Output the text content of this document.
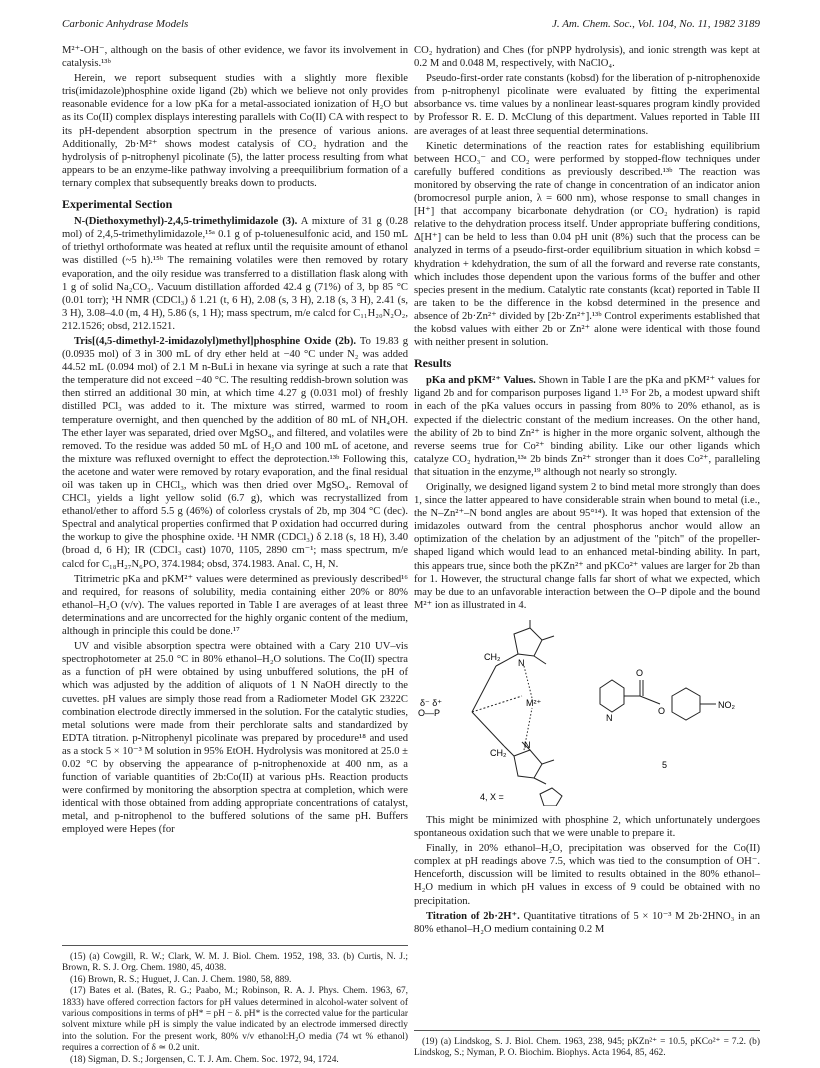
Carbonic Anhydrase Models	J. Am. Chem. Soc., Vol. 104, No. 11, 1982 3189

M²⁺-OH⁻, although on the basis of other evidence, we favor its involvement in catalysis.¹³ᵇ

Herein, we report subsequent studies with a slightly more flexible tris(imidazole)phosphine oxide ligand (2b) which we believe not only provides reasonable evidence for a low pKa for a metal-associated ionization of H₂O but as its Co(II) complex displays interesting parallels with Co(II) CA with respect to its pH-dependent absorption spectrum in the presence of various anions. Additionally, 2b·M²⁺ shows modest catalysis of CO₂ hydration and the hydrolysis of p-nitrophenyl picolinate (5), the latter process resulting from what appears to be an enzyme-like pathway involving a preequilibrium formation of a ternary complex that subsequently breaks down to products.

Experimental Section

N-(Diethoxymethyl)-2,4,5-trimethylimidazole (3). A mixture of 31 g (0.28 mol) of 2,4,5-trimethylimidazole,¹⁵ᵃ 0.1 g of p-toluenesulfonic acid, and 150 mL of triethyl orthoformate was heated at reflux until the requisite amount of ethanol was distilled (~5 h).¹⁵ᵇ The remaining volatiles were then removed by rotary evaporation, and the oily residue was transferred to a distillation flask along with 1 g of solid Na₂CO₃. Vacuum distillation afforded 42.4 g (71%) of 3, bp 85 °C (0.01 torr); ¹H NMR (CDCl₃) δ 1.21 (t, 6 H), 2.08 (s, 3 H), 2.18 (s, 3 H), 2.41 (s, 3 H), 3.08–4.0 (m, 4 H), 5.86 (s, 1 H); mass spectrum, m/e calcd for C₁₁H₂₀N₂O₂, 212.1526; obsd, 212.1521.

Tris[(4,5-dimethyl-2-imidazolyl)methyl]phosphine Oxide (2b). To 19.83 g (0.0935 mol) of 3 in 300 mL of dry ether held at −40 °C under N₂ was added 44.52 mL (0.094 mol) of 2.1 M n-BuLi in hexane via syringe at such a rate that the temperature did not exceed −40 °C. The resulting reddish-brown solution was then stirred an additional 30 min, at which time 4.27 g (0.031 mol) of freshly distilled PCl₃ was added to it. The mixture was stirred, warmed to room temperature overnight, and then quenched by the addition of 80 mL of NH₄OH. The ether layer was separated, dried over MgSO₄, and filtered, and volatiles were removed. To the residue was added 50 mL of H₂O and 100 mL of acetone, and the mixture was refluxed overnight to effect the deprotection.¹³ᵇ Following this, the acetone and water were removed by rotary evaporation, and the final residual oil was taken up in CHCl₃, which was then dried over MgSO₄. Removal of CHCl₃ yields a light yellow solid (6.7 g), which was recrystallized from ethanol/ether to afford 5.5 g (46%) of colorless crystals of 2b, mp 304 °C (dec). Spectral and analytical properties confirmed that P oxidation had occurred during the workup to give the phosphine oxide. ¹H NMR (CDCl₃) δ 2.18 (s, 18 H), 3.40 (broad d, 6 H); IR (CDCl₃ cast) 1070, 1105, 2890 cm⁻¹; mass spectrum, m/e calcd for C₁₈H₂₇N₆PO, 374.1984; obsd, 374.1983. Anal. C, H, N.

Titrimetric pKa and pKM²⁺ values were determined as previously described¹⁶ and required, for reasons of solubility, media containing either 20% or 80% ethanol–H₂O (v/v). The values reported in Table I are averages of at least three determinations and are uncorrected for the highly organic content of the medium, although in principle this could be done.¹⁷

UV and visible absorption spectra were obtained with a Cary 210 UV–vis spectrophotometer at 25.0 °C in 80% ethanol–H₂O solutions. The Co(II) spectra as a function of pH were obtained by using unbuffered solutions, the pH of which was adjusted by the addition of aliquots of 1 N NaOH directly to the cuvettes. pH values are simply those read from a Radiometer Model GK 2322C combination electrode directly immersed in the solution. For the catalytic studies, metal solutions were made from their perchlorate salts and standardized by EDTA titration. p-Nitrophenyl picolinate was prepared by procedure¹⁸ and used as a stock 5 × 10⁻³ M solution in 95% EtOH. Hydrolysis was monitored at 25.0 ± 0.02 °C by observing the appearance of p-nitrophenoxide at 400 nm, as a function of variable quantities of 2b:Co(II) at various pHs. Reaction products were confirmed by monitoring the absorption spectra at completion, which were identical with those obtained from adding appropriate concentrations of catalyst, metal, and p-nitrophenol to the buffered solutions of the same pH. Buffers employed were Hepes (for

(15) (a) Cowgill, R. W.; Clark, W. M. J. Biol. Chem. 1952, 198, 33. (b) Curtis, N. J.; Brown, R. S. J. Org. Chem. 1980, 45, 4038.

(16) Brown, R. S.; Huguet, J. Can. J. Chem. 1980, 58, 889.

(17) Bates et al. (Bates, R. G.; Paabo, M.; Robinson, R. A. J. Phys. Chem. 1963, 67, 1833) have offered correction factors for pH values determined in alcohol-water solvent of various compositions in terms of pH* = pH − δ. pH* is the corrected value for the particular solvent mixture while pH is simply the value indicated by an electrode immersed directly into the solution. For the present work, 80% v/v ethanol:H₂O media (74 wt % ethanol) requires a correction of δ ≃ 0.2 unit.

(18) Sigman, D. S.; Jorgensen, C. T. J. Am. Chem. Soc. 1972, 94, 1724.

CO₂ hydration) and Ches (for pNPP hydrolysis), and ionic strength was kept at 0.2 M and 0.048 M, respectively, with NaClO₄.

Pseudo-first-order rate constants (kobsd) for the liberation of p-nitrophenoxide from p-nitrophenyl picolinate were evaluated by fitting the experimental absorbance vs. time values by a nonlinear least-squares program kindly provided by Professor R. E. D. McClung of this department. Values reported in Table III are averages of at least three sequential determinations.

Kinetic determinations of the reaction rates for establishing equilibrium between HCO₃⁻ and CO₂ were performed by stopped-flow techniques under carefully buffered conditions as previously described.¹³ᵇ The reaction was monitored by observing the rate of change in concentration of an indicator anion (bromocresol purple anion, λ = 600 nm), whose response to small changes in [H⁺] that accompany bicarbonate dehydration (or CO₂ hydration) is rapid relative to the dehydration process itself. Under appropriate buffering conditions, Δ[H⁺] can be held to less than 0.04 pH unit (8%) such that the process can be analyzed in terms of a pseudo-first-order equilibrium situation in which kobsd = khydration + kdehydration, the sum of all the forward and reverse rate constants, which includes those dependent upon the various forms of the buffer and other species present in the medium. Catalytic rate constants (kcat) reported in Table II are taken to be the difference in the kobsd determined in the presence and absence of 2b·Zn²⁺ divided by [2b·Zn²⁺].¹³ᵇ Control experiments established that the kobsd values with either 2b or Zn²⁺ alone were identical with those found with neither present in solution.

Results

pKa and pKM²⁺ Values. Shown in Table I are the pKa and pKM²⁺ values for ligand 2b and for comparison purposes ligand 1.¹³ For 2b, a modest upward shift in each of the pKa values occurs in passing from 80% to 20% ethanol, as is expected if the dielectric constant of the medium increases. On the other hand, the ability of 2b to bind Zn²⁺ is higher in the more organic solvent, although the reverse seems true for Co²⁺ binding ability. Like our other ligands which catalyze CO₂ hydration,¹³ᵃ 2b binds Zn²⁺ stronger than it does Co²⁺, paralleling that situation in the enzyme,¹⁹ although not nearly so strongly.

Originally, we designed ligand system 2 to bind metal more strongly than does 1, since the latter appeared to have considerable strain when bound to metal (i.e., the N–Zn²⁺–N bond angles are about 95°¹⁴). It was hoped that extension of the imidazoles outward from the central phosphorus anchor would allow an optimization of the chelation by an adjustment of the "pitch" of the propeller-shaped ligand which would lead to an enhanced metal-binding ability. In part, this appears true, since both the pKZn²⁺ and pKCo²⁺ values are larger for 2b than for 1. However, the structural change falls far short of what we expected, which may be due to an unfavorable interaction between the O–P dipole and the bound M²⁺ ion as illustrated in 4.

CH₂
CH₂
N
N
M²⁺
δ⁻ δ⁺
O—P	N
O
O
NO₂
5
4, X =

This might be minimized with phosphine 2, which unfortunately undergoes spontaneous oxidation such that we were unable to prepare it.

Finally, in 20% ethanol–H₂O, precipitation was observed for the Co(II) complex at pH readings above 7.5, which was tied to the consumption of OH⁻. Henceforth, discussion will be limited to results obtained in the 80% ethanol–H₂O medium in which pH values in excess of 9 could be obtained with no precipitation.

Titration of 2b·2H⁺. Quantitative titrations of 5 × 10⁻³ M 2b·2HNO₃ in an 80% ethanol–H₂O medium containing 0.2 M

(19) (a) Lindskog, S. J. Biol. Chem. 1963, 238, 945; pKZn²⁺ = 10.5, pKCo²⁺ = 7.2. (b) Lindskog, S.; Nyman, P. O. Biochim. Biophys. Acta 1964, 85, 462.
